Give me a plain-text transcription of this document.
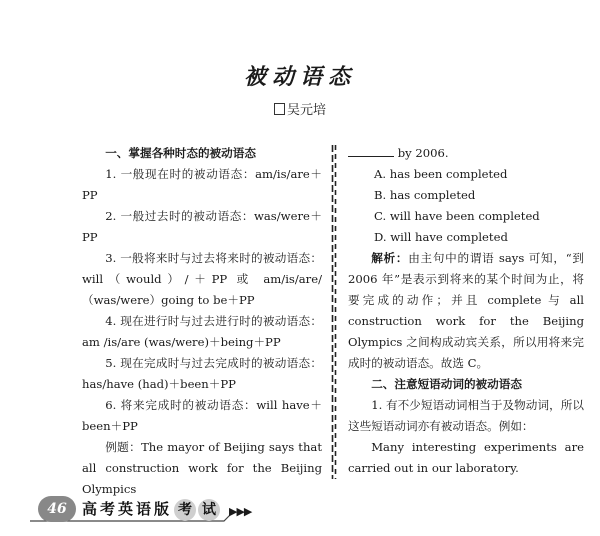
被动语态
吴元培

一、掌握各种时态的被动语态

1. 一般现在时的被动语态：am/is/are＋PP

2. 一般过去时的被动语态：was/were＋PP

3. 一般将来时与过去将来时的被动语态：will（would）/＋PP 或 am/is/are/（was/were）going to be＋PP

4. 现在进行时与过去进行时的被动语态：am /is/are (was/were)＋being＋PP

5. 现在完成时与过去完成时的被动语态：has/have (had)＋been＋PP

6. 将来完成时的被动语态：will have＋been＋PP

例题：The mayor of Beijing says that all construction work for the Beijing Olympics

by 2006.

A. has been completed

B. has completed

C. will have been completed

D. will have completed

解析：由主句中的谓语 says 可知，“到 2006 年”是表示到将来的某个时间为止，将要完成的动作；并且 complete 与 all construction work for the Beijing Olympics 之间构成动宾关系，所以用将来完成时的被动语态。故选 C。

二、注意短语动词的被动语态

1. 有不少短语动词相当于及物动词，所以这些短语动词亦有被动语态。例如：

Many interesting experiments are carried out in our laboratory.

46	高考英语版 考 试	▶▶▶
